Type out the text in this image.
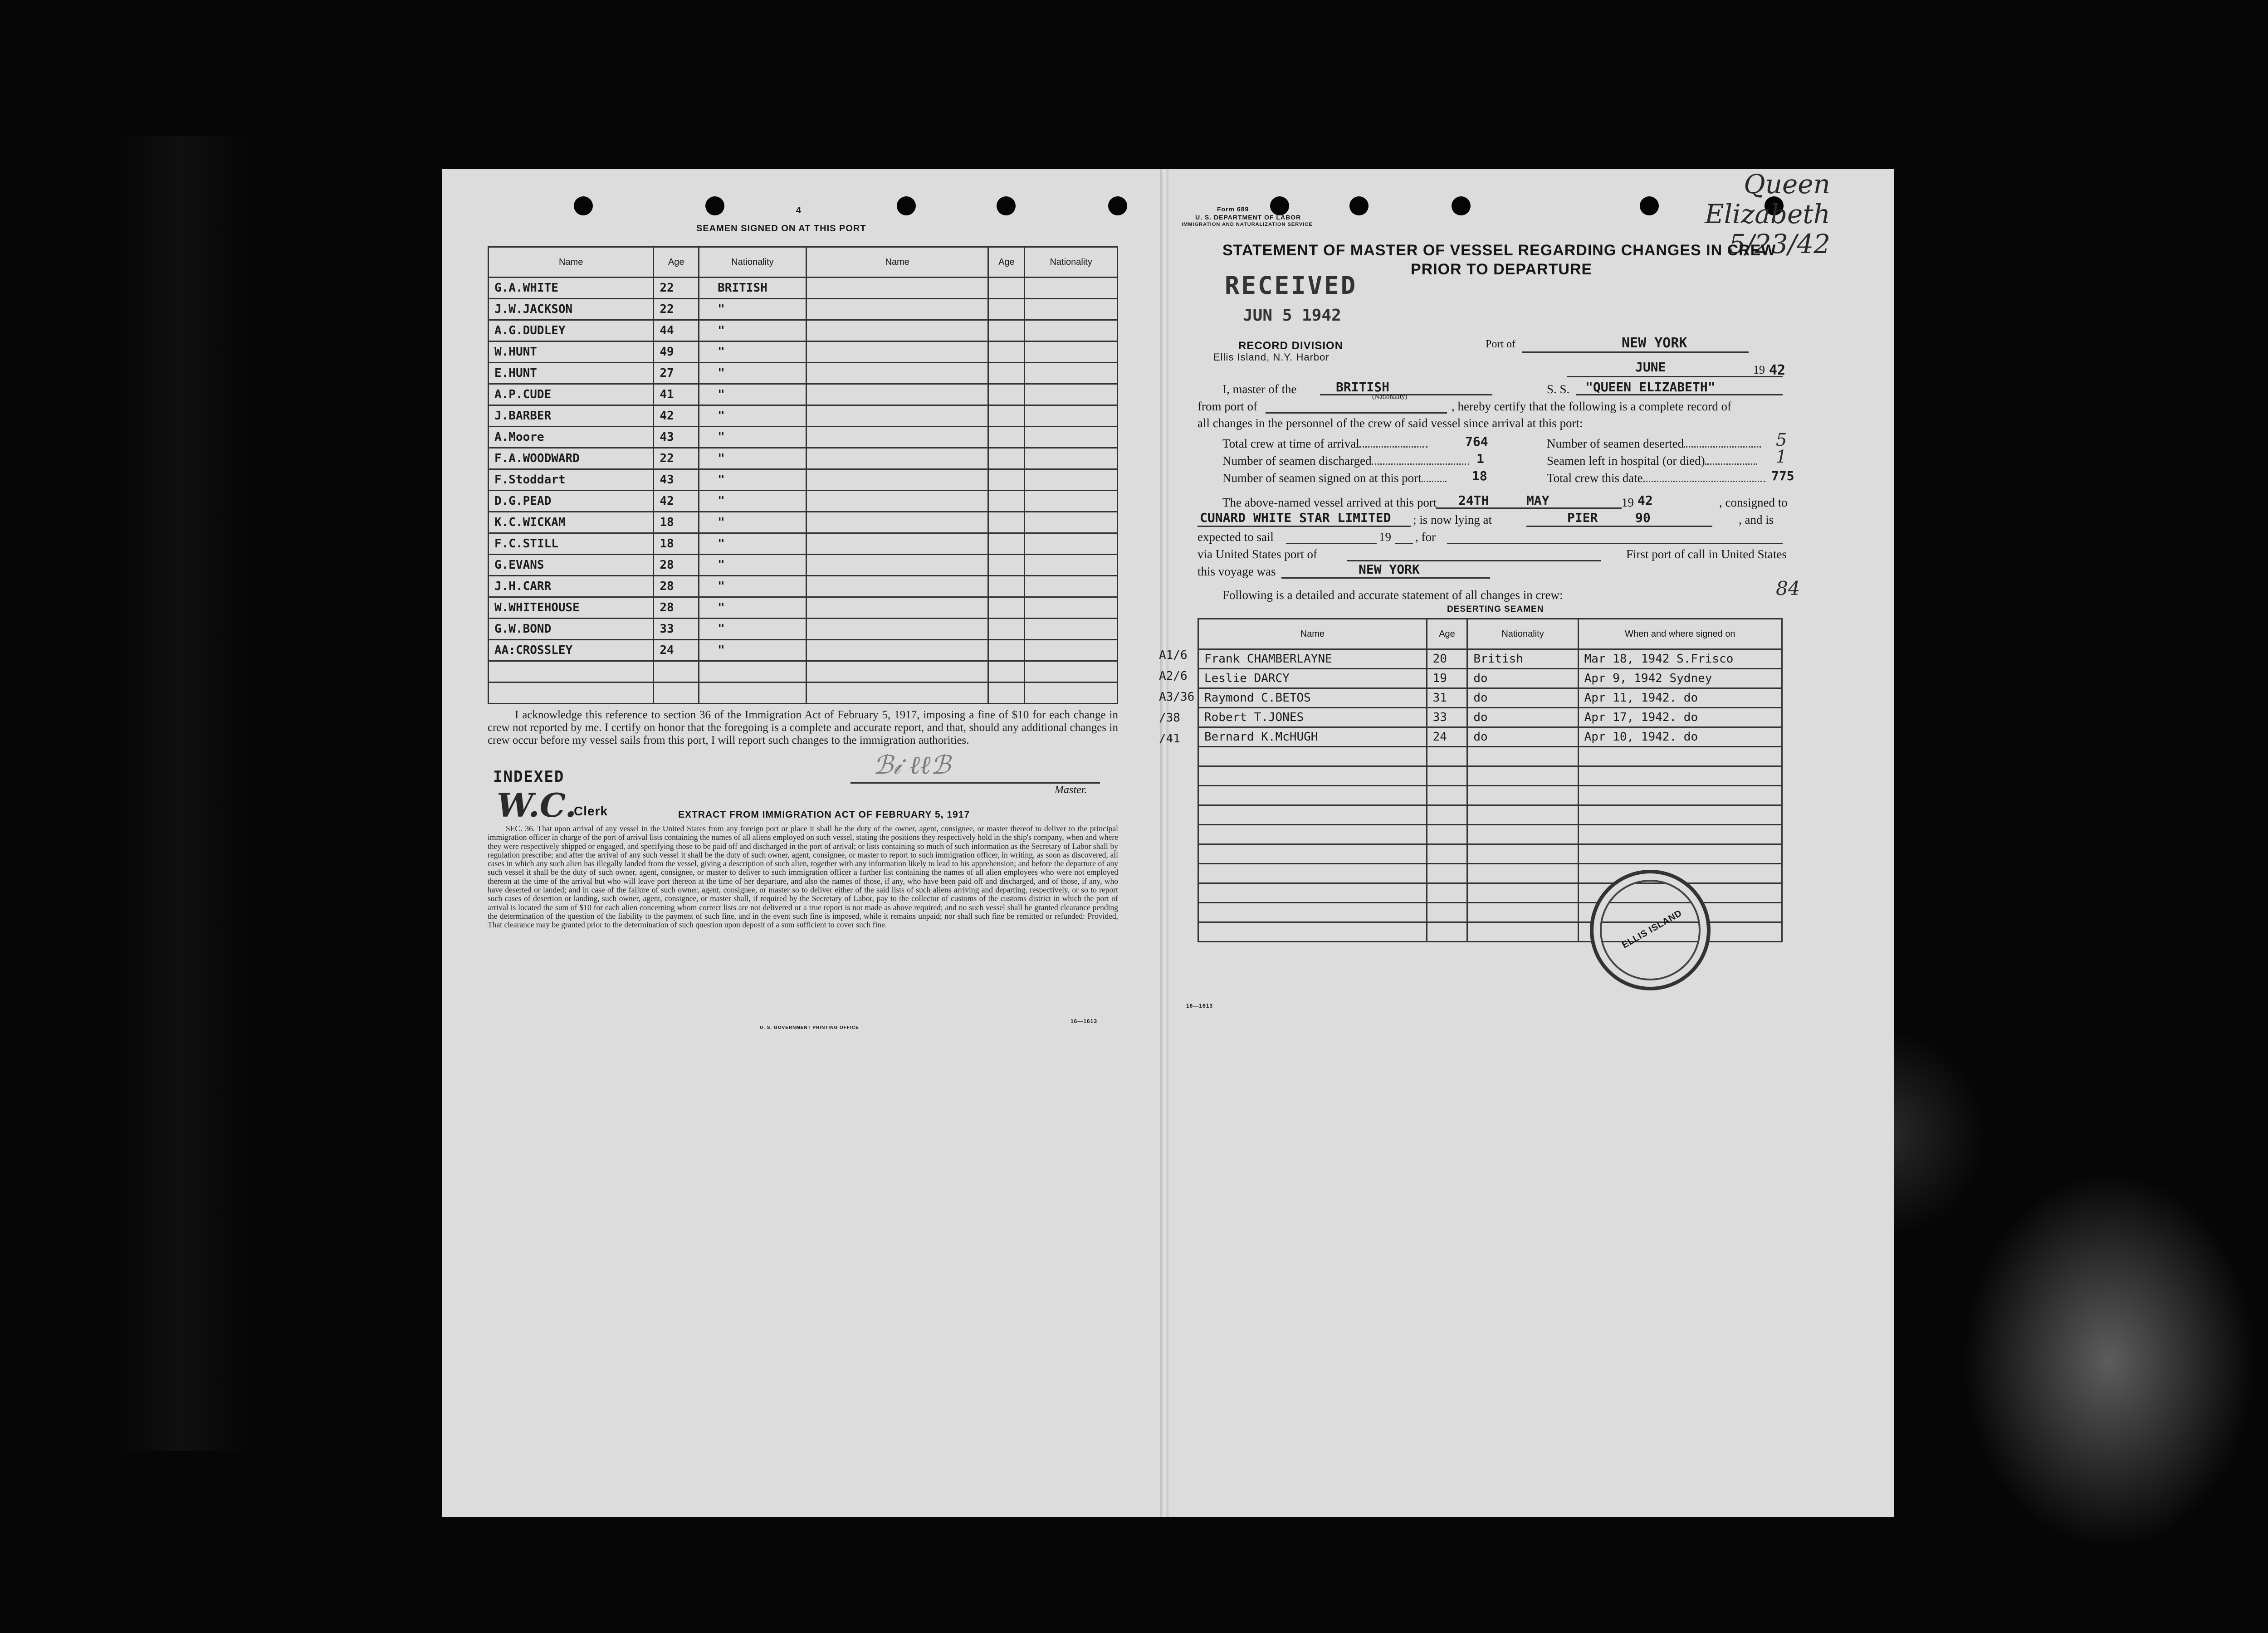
4
SEAMEN SIGNED ON AT THIS PORT
Name	Age	Nationality	Name	Age	Nationality
G.A.WHITE	22	BRITISH			
J.W.JACKSON	22	"			
A.G.DUDLEY	44	"			
W.HUNT	49	"			
E.HUNT	27	"			
A.P.CUDE	41	"			
J.BARBER	42	"			
A.Moore	43	"			
F.A.WOODWARD	22	"			
F.Stoddart	43	"			
D.G.PEAD	42	"			
K.C.WICKAM	18	"			
F.C.STILL	18	"			
G.EVANS	28	"			
J.H.CARR	28	"			
W.WHITEHOUSE	28	"			
G.W.BOND	33	"			
AA:CROSSLEY	24	"			

I acknowledge this reference to section 36 of the Immigration Act of February 5, 1917, imposing a fine of $10 for each change in crew not reported by me. I certify on honor that the foregoing is a complete and accurate report, and that, should any additional changes in crew occur before my vessel sails from this port, I will report such changes to the immigration authorities.
ℬ𝒾 ℓℓℬ
Master.
INDEXED
W.C.
Clerk	EXTRACT FROM IMMIGRATION ACT OF FEBRUARY 5, 1917
SEC. 36. That upon arrival of any vessel in the United States from any foreign port or place it shall be the duty of the owner, agent, consignee, or master thereof to deliver to the principal immigration officer in charge of the port of arrival lists containing the names of all aliens employed on such vessel, stating the positions they respectively hold in the ship's company, when and where they were respectively shipped or engaged, and specifying those to be paid off and discharged in the port of arrival; or lists containing so much of such information as the Secretary of Labor shall by regulation prescribe; and after the arrival of any such vessel it shall be the duty of such owner, agent, consignee, or master to report to such immigration officer, in writing, as soon as discovered, all cases in which any such alien has illegally landed from the vessel, giving a description of such alien, together with any information likely to lead to his apprehension; and before the departure of any such vessel it shall be the duty of such owner, agent, consignee, or master to deliver to such immigration officer a further list containing the names of all alien employees who were not employed thereon at the time of the arrival but who will leave port thereon at the time of her departure, and also the names of those, if any, who have been paid off and discharged, and of those, if any, who have deserted or landed; and in case of the failure of such owner, agent, consignee, or master so to deliver either of the said lists of such aliens arriving and departing, respectively, or so to report such cases of desertion or landing, such owner, agent, consignee, or master shall, if required by the Secretary of Labor, pay to the collector of customs of the customs district in which the port of arrival is located the sum of $10 for each alien concerning whom correct lists are not delivered or a true report is not made as above required; and no such vessel shall be granted clearance pending the determination of the question of the liability to the payment of such fine, and in the event such fine is imposed, while it remains unpaid; nor shall such fine be remitted or refunded: Provided, That clearance may be granted prior to the determination of such question upon deposit of a sum sufficient to cover such fine.
U. S. GOVERNMENT PRINTING OFFICE
16—1613
Form 689
U. S. DEPARTMENT OF LABOR
IMMIGRATION AND NATURALIZATION SERVICE
Queen Elizabeth 5/23/42
STATEMENT OF MASTER OF VESSEL REGARDING CHANGES IN CREW
PRIOR TO DEPARTURE
RECEIVED
JUN 5 1942
RECORD DIVISION
Ellis Island, N.Y. Harbor
Port of	NEW YORK
JUNE	19 42
I, master of the	BRITISH
(Nationality)
S. S. "QUEEN ELIZABETH"
from port of	, hereby certify that the following is a complete record of
all changes in the personnel of the crew of said vessel since arrival at this port:
Total crew at time of arrival	764	Number of seamen deserted	5
Number of seamen discharged	1	Seamen left in hospital (or died)	1
Number of seamen signed on at this port	18	Total crew this date	775
The above-named vessel arrived at this port 24TH	MAY	19 42	, consigned to
CUNARD WHITE STAR LIMITED ; is now lying at	PIER	90	, and is
expected to sail	19 , for
via United States port of	First port of call in United States
this voyage was	NEW YORK
84
Following is a detailed and accurate statement of all changes in crew:
DESERTING SEAMEN
Name	Age	Nationality	When and where signed on
Frank CHAMBERLAYNE	20	British	Mar 18, 1942 S.Frisco
Leslie DARCY	19	do	Apr 9, 1942 Sydney
Raymond C.BETOS	31	do	Apr 11, 1942. do
Robert T.JONES	33	do	Apr 17, 1942. do
Bernard K.McHUGH	24	do	Apr 10, 1942. do

A1/6
A2/6
A3/36
/38
/41
ELLIS ISLAND
16—1613
